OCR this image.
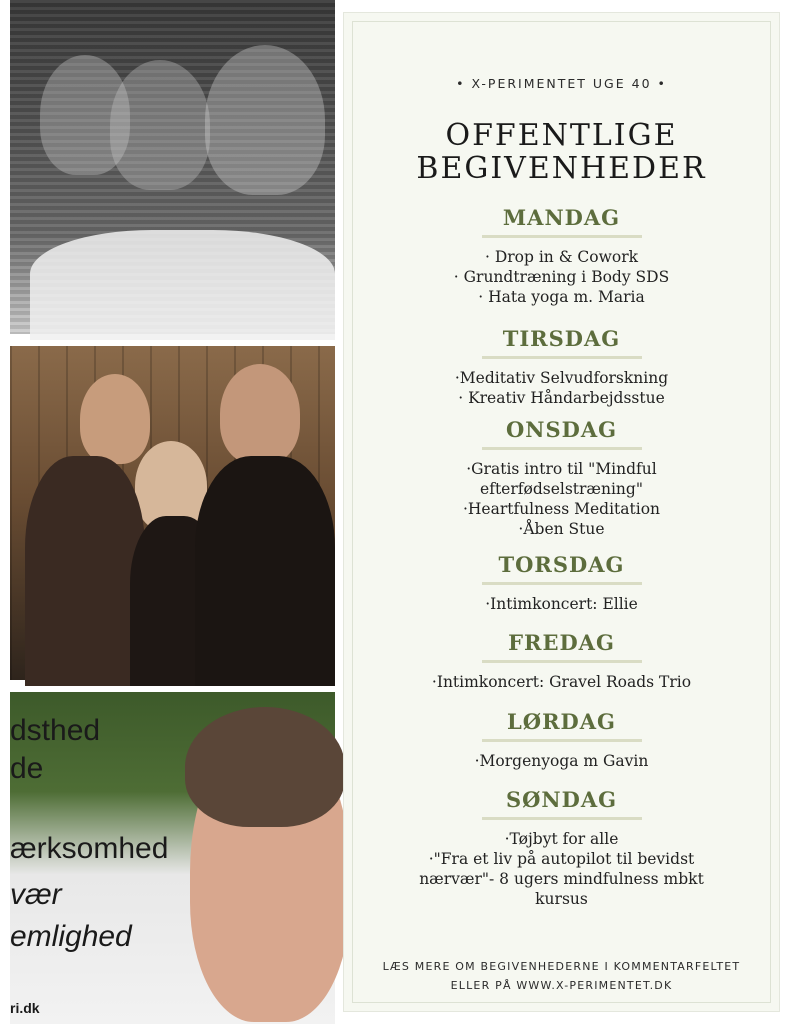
dsthed
de
ærksomhed
vær
emlighed
ri.dk
• X-PERIMENTET UGE 40 •
OFFENTLIGE
BEGIVENHEDER
MANDAG
· Drop in & Cowork
· Grundtræning i Body SDS
· Hata yoga m. Maria
TIRSDAG
·Meditativ Selvudforskning
· Kreativ Håndarbejdsstue
ONSDAG
·Gratis intro til "Mindful
efterfødselstræning"
·Heartfulness Meditation
·Åben Stue
TORSDAG
·Intimkoncert: Ellie
FREDAG
·Intimkoncert: Gravel Roads Trio
LØRDAG
·Morgenyoga m Gavin
SØNDAG
·Tøjbyt for alle
·"Fra et liv på autopilot til bevidst
nærvær"- 8 ugers mindfulness mbkt
kursus
LÆS MERE OM BEGIVENHEDERNE I KOMMENTARFELTET
ELLER PÅ WWW.X-PERIMENTET.DK
